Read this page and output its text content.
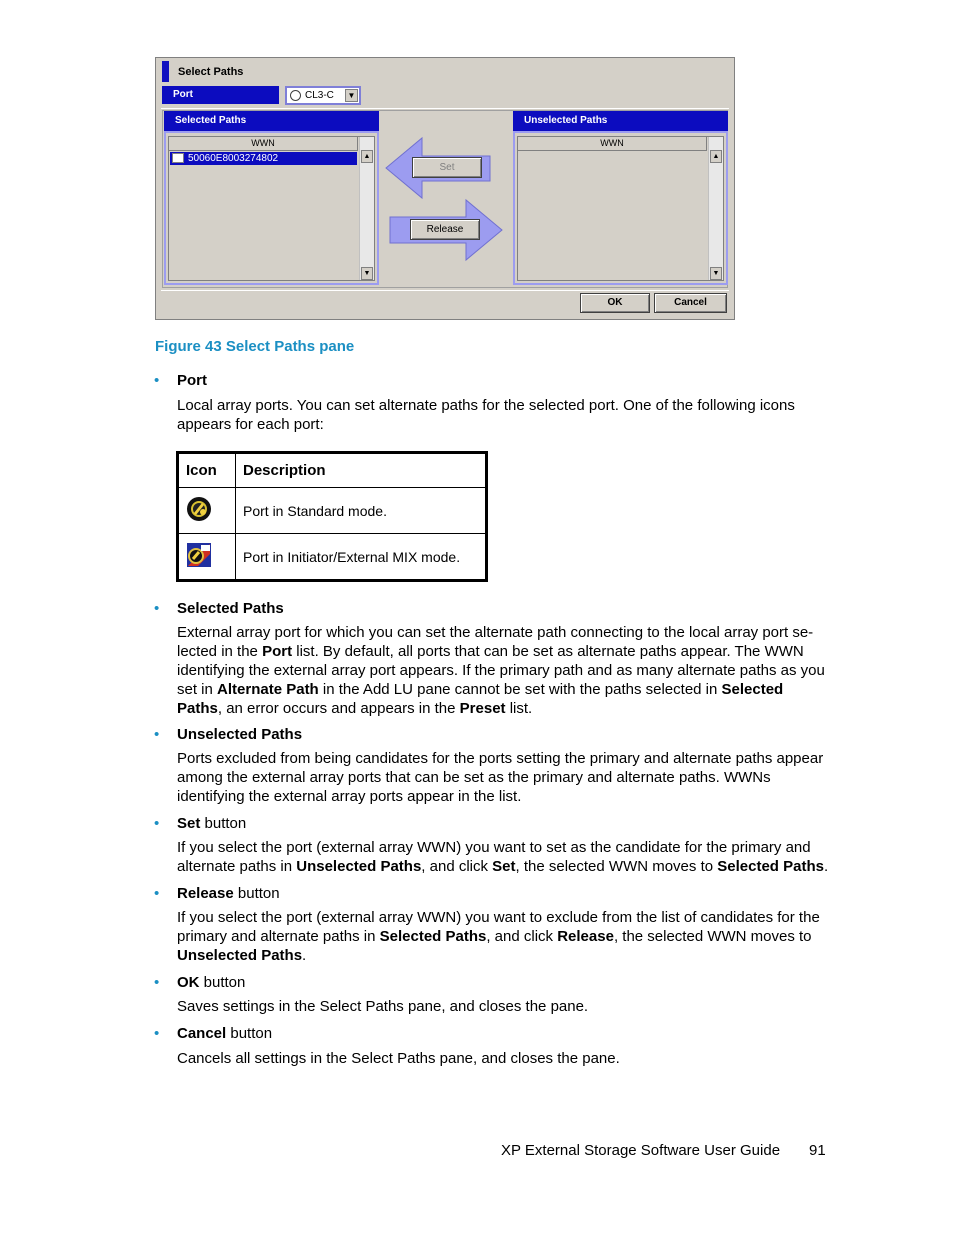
Select Paths
Port	CL3-C	▼
Selected Paths
WWN
50060E8003274802	▲
▼
Set
Release
Unselected Paths
WWN
▲
▼
OK	Cancel
Figure 43 Select Paths pane
• Port
Local array ports. You can set alternate paths for the selected port. One of the following icons appears for each port:
Icon	Description
	Port in Standard mode.
	Port in Initiator/External MIX mode.
• Selected Paths
External array port for which you can set the alternate path connecting to the local array port se-lected in the Port list. By default, all ports that can be set as alternate paths appear. The WWN identifying the external array port appears. If the primary path and as many alternate paths as you set in Alternate Path in the Add LU pane cannot be set with the paths selected in Selected Paths, an error occurs and appears in the Preset list.
• Unselected Paths
Ports excluded from being candidates for the ports setting the primary and alternate paths appear among the external array ports that can be set as the primary and alternate paths. WWNs identifying the external array ports appear in the list.
• Set button
If you select the port (external array WWN) you want to set as the candidate for the primary and alternate paths in Unselected Paths, and click Set, the selected WWN moves to Selected Paths.
• Release button
If you select the port (external array WWN) you want to exclude from the list of candidates for the primary and alternate paths in Selected Paths, and click Release, the selected WWN moves to Unselected Paths.
• OK button
Saves settings in the Select Paths pane, and closes the pane.
• Cancel button
Cancels all settings in the Select Paths pane, and closes the pane.
XP External Storage Software User Guide 91
